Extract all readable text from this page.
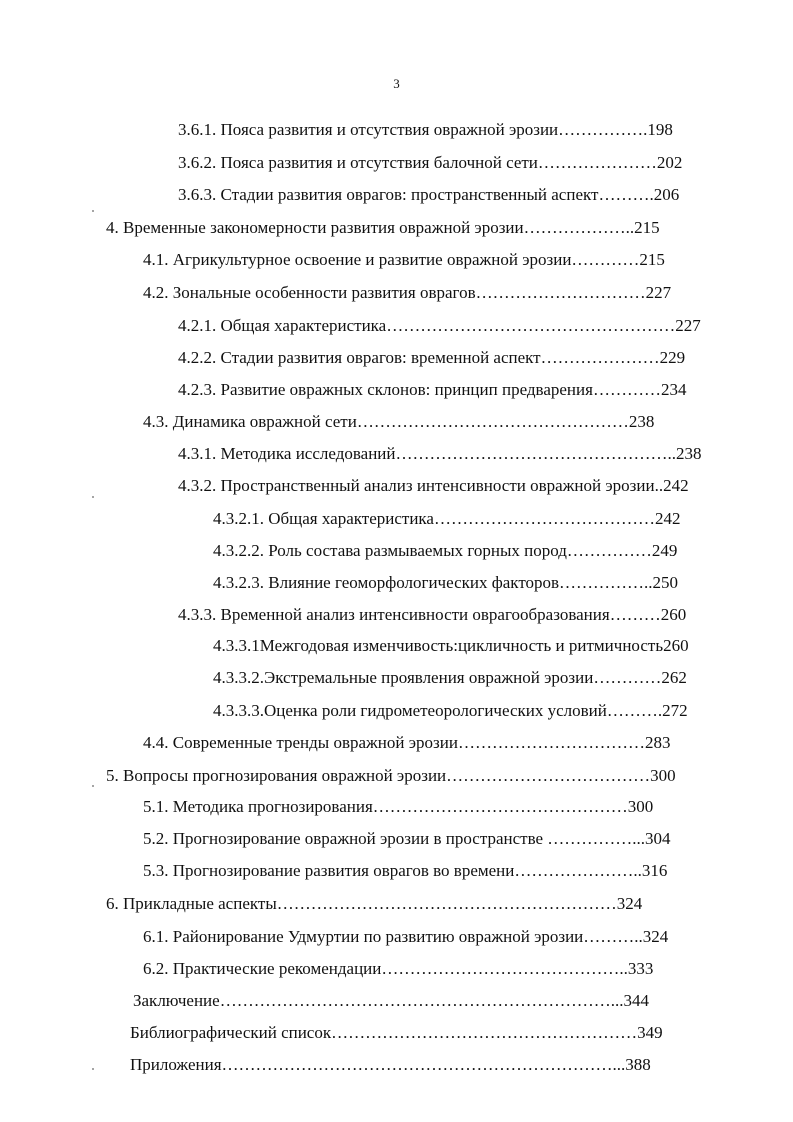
3
3.6.1. Пояса развития и отсутствия овражной эрозии…………….198
3.6.2. Пояса развития и отсутствия балочной сети…………………202
3.6.3. Стадии развития оврагов: пространственный аспект……….206
4. Временные закономерности развития овражной эрозии………………..215
4.1. Агрикультурное освоение и развитие овражной эрозии…………215
4.2. Зональные особенности развития оврагов…………………………227
4.2.1. Общая характеристика……………………………………………227
4.2.2. Стадии развития оврагов: временной аспект…………………229
4.2.3. Развитие овражных склонов: принцип предварения…………234
4.3. Динамика овражной сети…………………………………………238
4.3.1. Методика исследований…………………………………………..238
4.3.2. Пространственный анализ интенсивности овражной эрозии..242
4.3.2.1. Общая характеристика…………………………………242
4.3.2.2. Роль состава размываемых горных пород……………249
4.3.2.3. Влияние геоморфологических факторов……………..250
4.3.3. Временной анализ интенсивности оврагообразования………260
4.3.3.1Межгодовая изменчивость:цикличность и ритмичность260
4.3.3.2.Экстремальные проявления овражной эрозии…………262
4.3.3.3.Оценка роли гидрометеорологических условий……….272
4.4. Современные тренды овражной эрозии……………………………283
5. Вопросы прогнозирования овражной эрозии………………………………300
5.1. Методика прогнозирования………………………………………300
5.2. Прогнозирование овражной эрозии в пространстве ……………...304
5.3. Прогнозирование развития оврагов во времени…………………..316
6. Прикладные аспекты……………………………………………………324
6.1. Районирование Удмуртии по развитию овражной эрозии………..324
6.2. Практические рекомендации……………………………………..333
Заключение……………………………………………………………...344
Библиографический список………………………………………………349
Приложения……………………………………………………………...388
